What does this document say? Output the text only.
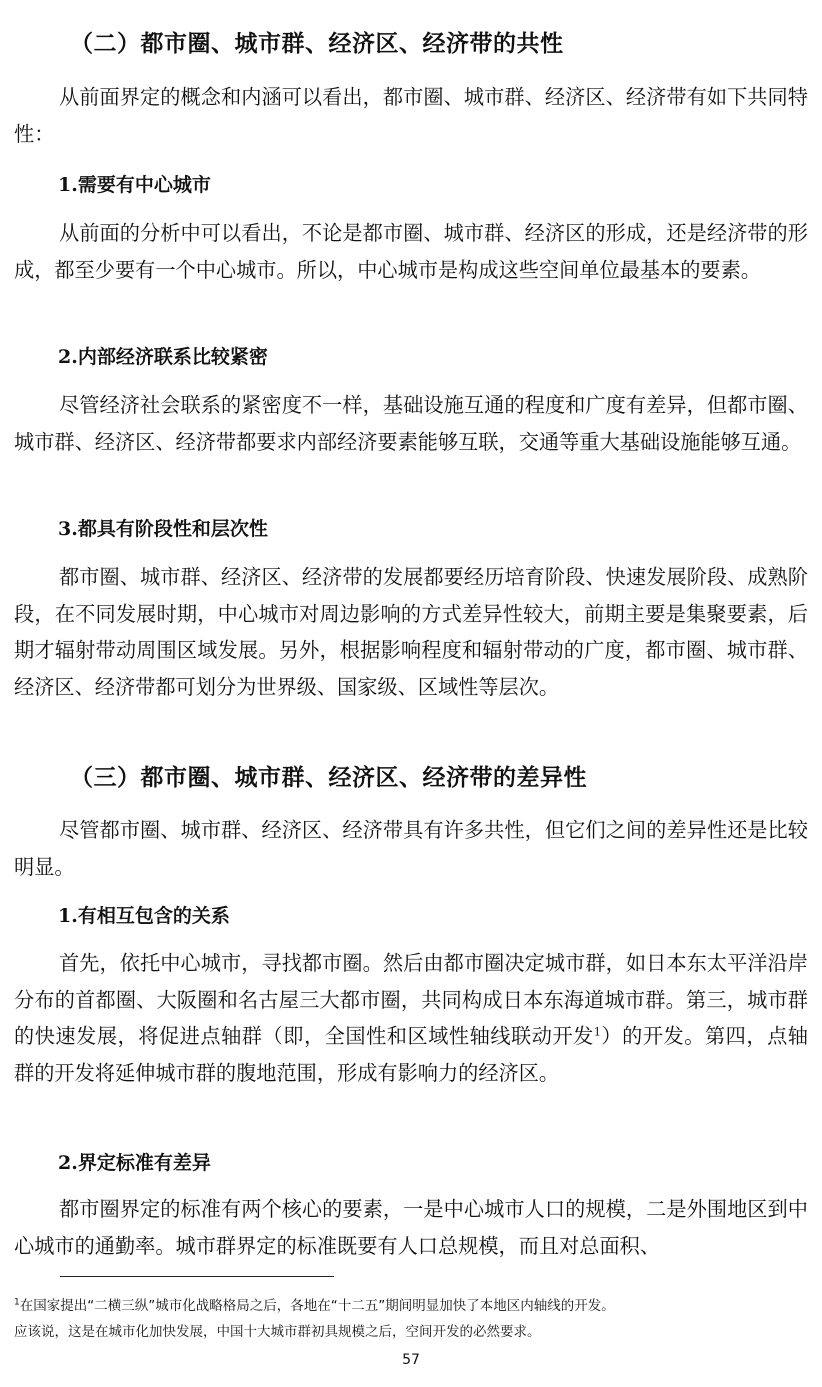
（二）都市圈、城市群、经济区、经济带的共性

从前面界定的概念和内涵可以看出，都市圈、城市群、经济区、经济带有如下共同特性：

1.需要有中心城市

从前面的分析中可以看出，不论是都市圈、城市群、经济区的形成，还是经济带的形成，都至少要有一个中心城市。所以，中心城市是构成这些空间单位最基本的要素。

2.内部经济联系比较紧密

尽管经济社会联系的紧密度不一样，基础设施互通的程度和广度有差异，但都市圈、城市群、经济区、经济带都要求内部经济要素能够互联，交通等重大基础设施能够互通。

3.都具有阶段性和层次性

都市圈、城市群、经济区、经济带的发展都要经历培育阶段、快速发展阶段、成熟阶段，在不同发展时期，中心城市对周边影响的方式差异性较大，前期主要是集聚要素，后期才辐射带动周围区域发展。另外，根据影响程度和辐射带动的广度，都市圈、城市群、经济区、经济带都可划分为世界级、国家级、区域性等层次。

（三）都市圈、城市群、经济区、经济带的差异性

尽管都市圈、城市群、经济区、经济带具有许多共性，但它们之间的差异性还是比较明显。

1.有相互包含的关系

首先，依托中心城市，寻找都市圈。然后由都市圈决定城市群，如日本东太平洋沿岸分布的首都圈、大阪圈和名古屋三大都市圈，共同构成日本东海道城市群。第三，城市群的快速发展，将促进点轴群（即，全国性和区域性轴线联动开发$^1$）的开发。第四，点轴群的开发将延伸城市群的腹地范围，形成有影响力的经济区。

2.界定标准有差异

都市圈界定的标准有两个核心的要素，一是中心城市人口的规模，二是外围地区到中心城市的通勤率。城市群界定的标准既要有人口总规模，而且对总面积、

$^1$在国家提出“二横三纵”城市化战略格局之后，各地在“十二五”期间明显加快了本地区内轴线的开发。
应该说，这是在城市化加快发展，中国十大城市群初具规模之后，空间开发的必然要求。
57
